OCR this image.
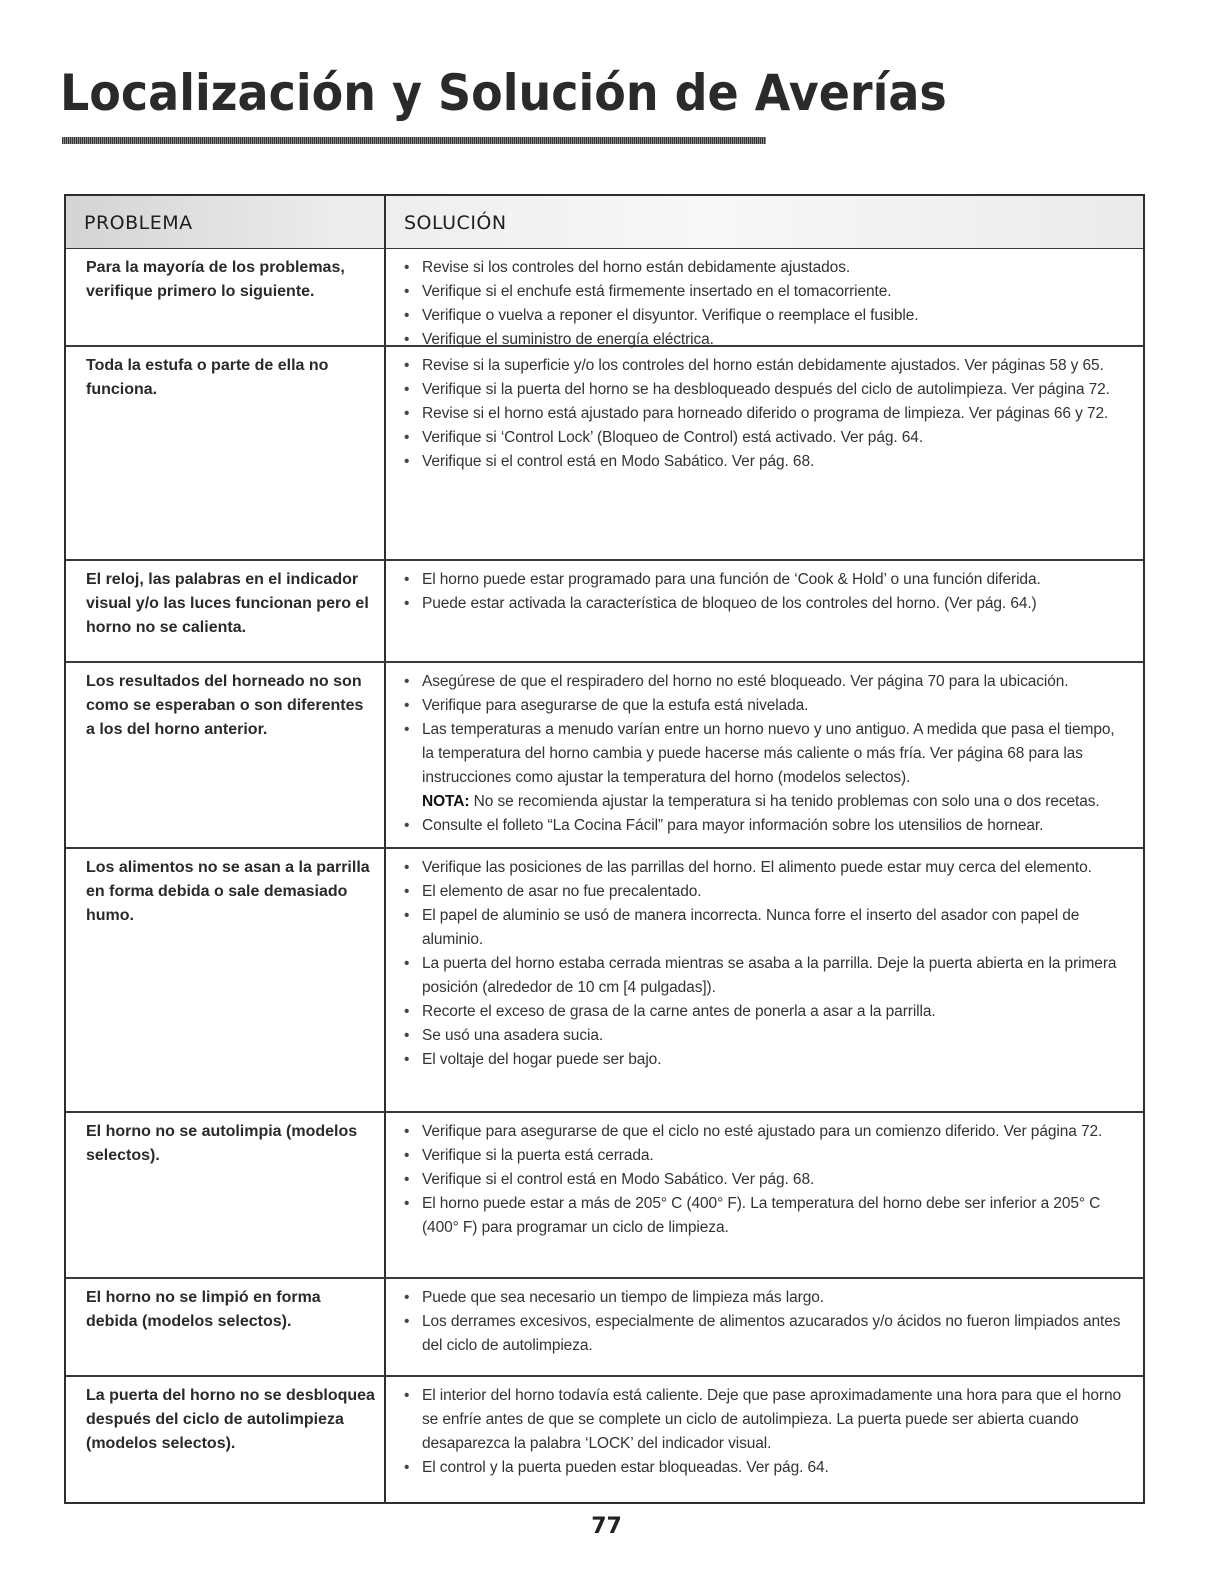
Localización y Solución de Averías
PROBLEMA	SOLUCIÓN
Para la mayoría de los problemas, verifique primero lo siguiente.
• Revise si los controles del horno están debidamente ajustados.
• Verifique si el enchufe está firmemente insertado en el tomacorriente.
• Verifique o vuelva a reponer el disyuntor. Verifique o reemplace el fusible.
• Verifique el suministro de energía eléctrica.
Toda la estufa o parte de ella no funciona.
• Revise si la superficie y/o los controles del horno están debidamente ajustados. Ver páginas 58 y 65.
• Verifique si la puerta del horno se ha desbloqueado después del ciclo de autolimpieza. Ver página 72.
• Revise si el horno está ajustado para horneado diferido o programa de limpieza. Ver páginas 66 y 72.
• Verifique si ‘Control Lock’ (Bloqueo de Control) está activado. Ver pág. 64.
• Verifique si el control está en Modo Sabático. Ver pág. 68.
El reloj, las palabras en el indicador visual y/o las luces funcionan pero el horno no se calienta.
• El horno puede estar programado para una función de ‘Cook & Hold’ o una función diferida.
• Puede estar activada la característica de bloqueo de los controles del horno. (Ver pág. 64.)
Los resultados del horneado no son como se esperaban o son diferentes a los del horno anterior.
• Asegúrese de que el respiradero del horno no esté bloqueado. Ver página 70 para la ubicación.
• Verifique para asegurarse de que la estufa está nivelada.
• Las temperaturas a menudo varían entre un horno nuevo y uno antiguo. A medida que pasa el tiempo, la temperatura del horno cambia y puede hacerse más caliente o más fría. Ver página 68 para las instrucciones como ajustar la temperatura del horno (modelos selectos).
NOTA: No se recomienda ajustar la temperatura si ha tenido problemas con solo una o dos recetas.
• Consulte el folleto “La Cocina Fácil” para mayor información sobre los utensilios de hornear.
Los alimentos no se asan a la parrilla en forma debida o sale demasiado humo.
• Verifique las posiciones de las parrillas del horno. El alimento puede estar muy cerca del elemento.
• El elemento de asar no fue precalentado.
• El papel de aluminio se usó de manera incorrecta. Nunca forre el inserto del asador con papel de aluminio.
• La puerta del horno estaba cerrada mientras se asaba a la parrilla. Deje la puerta abierta en la primera posición (alrededor de 10 cm [4 pulgadas]).
• Recorte el exceso de grasa de la carne antes de ponerla a asar a la parrilla.
• Se usó una asadera sucia.
• El voltaje del hogar puede ser bajo.
El horno no se autolimpia (modelos selectos).
• Verifique para asegurarse de que el ciclo no esté ajustado para un comienzo diferido. Ver página 72.
• Verifique si la puerta está cerrada.
• Verifique si el control está en Modo Sabático. Ver pág. 68.
• El horno puede estar a más de 205° C (400° F). La temperatura del horno debe ser inferior a 205° C (400° F) para programar un ciclo de limpieza.
El horno no se limpió en forma debida (modelos selectos).
• Puede que sea necesario un tiempo de limpieza más largo.
• Los derrames excesivos, especialmente de alimentos azucarados y/o ácidos no fueron limpiados antes del ciclo de autolimpieza.
La puerta del horno no se desbloquea después del ciclo de autolimpieza (modelos selectos).
• El interior del horno todavía está caliente. Deje que pase aproximadamente una hora para que el horno se enfríe antes de que se complete un ciclo de autolimpieza. La puerta puede ser abierta cuando desaparezca la palabra ‘LOCK’ del indicador visual.
• El control y la puerta pueden estar bloqueadas. Ver pág. 64.
77
